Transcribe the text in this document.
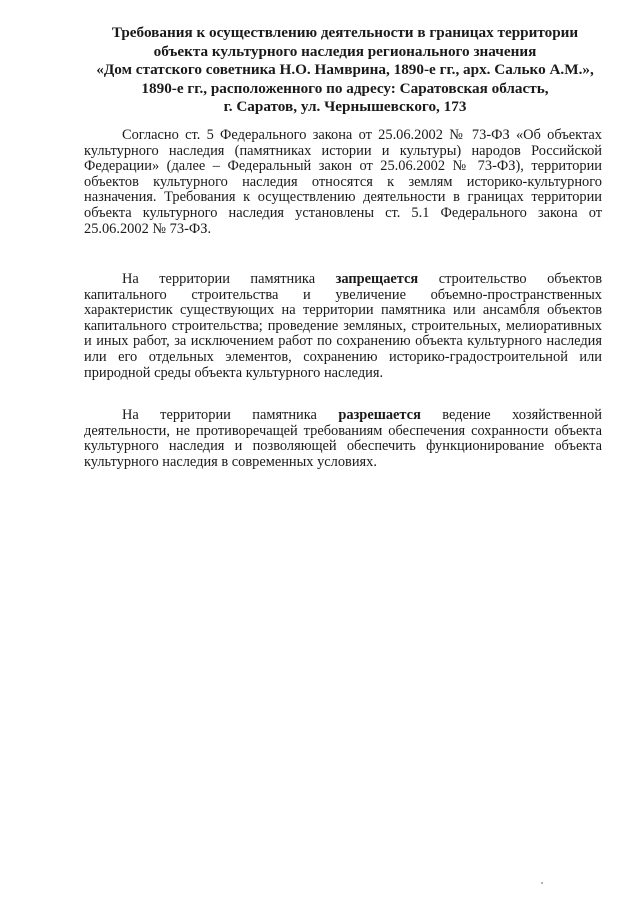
Требования к осуществлению деятельности в границах территории
объекта культурного наследия регионального значения
«Дом статского советника Н.О. Намврина, 1890-е гг., арх. Салько А.М.»,
1890-е гг., расположенного по адресу: Саратовская область,
г. Саратов, ул. Чернышевского, 173

Согласно ст. 5 Федерального закона от 25.06.2002 № 73-ФЗ «Об объектах культурного наследия (памятниках истории и культуры) народов Российской Федерации» (далее – Федеральный закон от 25.06.2002 № 73-ФЗ), территории объектов культурного наследия относятся к землям историко-культурного назначения. Требования к осуществлению деятельности в границах территории объекта культурного наследия установлены ст. 5.1 Федерального закона от 25.06.2002 № 73-ФЗ.

На территории памятника запрещается строительство объектов капитального строительства и увеличение объемно-пространственных характеристик существующих на территории памятника или ансамбля объектов капитального строительства; проведение земляных, строительных, мелиоративных и иных работ, за исключением работ по сохранению объекта культурного наследия или его отдельных элементов, сохранению историко-градостроительной или природной среды объекта культурного наследия.

На территории памятника разрешается ведение хозяйственной деятельности, не противоречащей требованиям обеспечения сохранности объекта культурного наследия и позволяющей обеспечить функционирование объекта культурного наследия в современных условиях.
